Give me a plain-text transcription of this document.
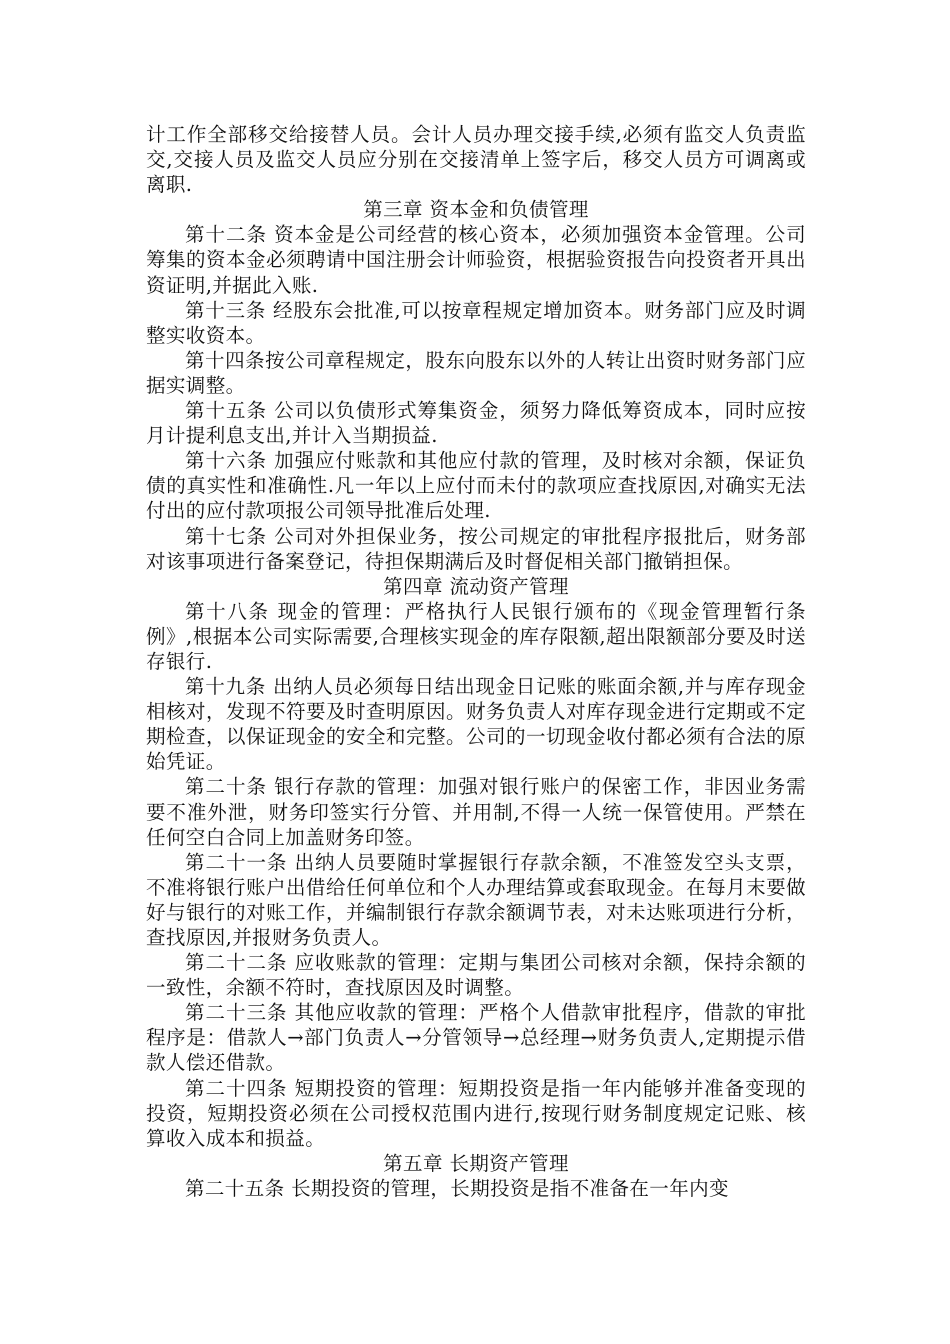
计工作全部移交给接替人员。会计人员办理交接手续,必须有监交人负责监交,交接人员及监交人员应分别在交接清单上签字后，移交人员方可调离或离职.

第三章 资本金和负债管理

第十二条 资本金是公司经营的核心资本，必须加强资本金管理。公司筹集的资本金必须聘请中国注册会计师验资，根据验资报告向投资者开具出资证明,并据此入账.

第十三条 经股东会批准,可以按章程规定增加资本。财务部门应及时调整实收资本。

第十四条按公司章程规定，股东向股东以外的人转让出资时财务部门应据实调整。

第十五条 公司以负债形式筹集资金，须努力降低筹资成本，同时应按月计提利息支出,并计入当期损益.

第十六条 加强应付账款和其他应付款的管理，及时核对余额，保证负债的真实性和准确性.凡一年以上应付而未付的款项应查找原因,对确实无法付出的应付款项报公司领导批准后处理.

第十七条 公司对外担保业务，按公司规定的审批程序报批后，财务部对该事项进行备案登记，待担保期满后及时督促相关部门撤销担保。

第四章 流动资产管理

第十八条 现金的管理：严格执行人民银行颁布的《现金管理暂行条例》,根据本公司实际需要,合理核实现金的库存限额,超出限额部分要及时送存银行.

第十九条 出纳人员必须每日结出现金日记账的账面余额,并与库存现金相核对，发现不符要及时查明原因。财务负责人对库存现金进行定期或不定期检查，以保证现金的安全和完整。公司的一切现金收付都必须有合法的原始凭证。

第二十条 银行存款的管理：加强对银行账户的保密工作，非因业务需要不准外泄，财务印签实行分管、并用制,不得一人统一保管使用。严禁在任何空白合同上加盖财务印签。

第二十一条 出纳人员要随时掌握银行存款余额，不准签发空头支票，不准将银行账户出借给任何单位和个人办理结算或套取现金。在每月末要做好与银行的对账工作，并编制银行存款余额调节表，对未达账项进行分析，查找原因,并报财务负责人。

第二十二条 应收账款的管理：定期与集团公司核对余额，保持余额的一致性，余额不符时，查找原因及时调整。

第二十三条 其他应收款的管理：严格个人借款审批程序，借款的审批程序是：借款人→部门负责人→分管领导→总经理→财务负责人,定期提示借款人偿还借款。

第二十四条 短期投资的管理：短期投资是指一年内能够并准备变现的投资，短期投资必须在公司授权范围内进行,按现行财务制度规定记账、核算收入成本和损益。

第五章 长期资产管理

第二十五条 长期投资的管理，长期投资是指不准备在一年内变
